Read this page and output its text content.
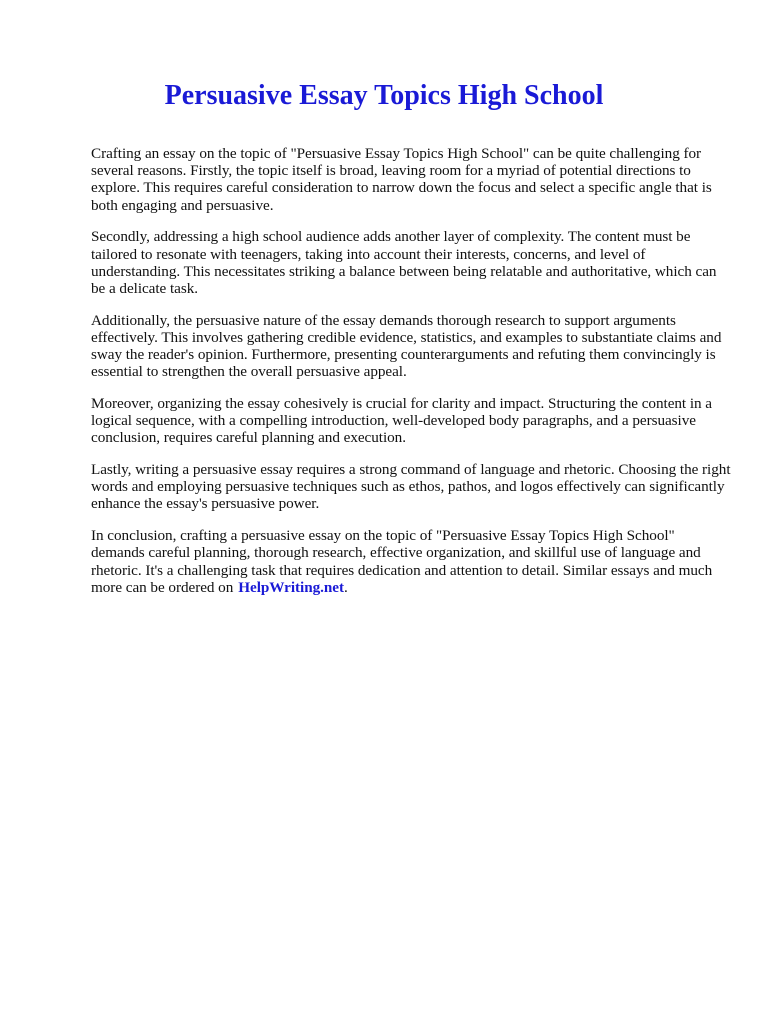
Persuasive Essay Topics High School

Crafting an essay on the topic of "Persuasive Essay Topics High School" can be quite challenging for several reasons. Firstly, the topic itself is broad, leaving room for a myriad of potential directions to explore. This requires careful consideration to narrow down the focus and select a specific angle that is both engaging and persuasive.

Secondly, addressing a high school audience adds another layer of complexity. The content must be tailored to resonate with teenagers, taking into account their interests, concerns, and level of understanding. This necessitates striking a balance between being relatable and authoritative, which can be a delicate task.

Additionally, the persuasive nature of the essay demands thorough research to support arguments effectively. This involves gathering credible evidence, statistics, and examples to substantiate claims and sway the reader's opinion. Furthermore, presenting counterarguments and refuting them convincingly is essential to strengthen the overall persuasive appeal.

Moreover, organizing the essay cohesively is crucial for clarity and impact. Structuring the content in a logical sequence, with a compelling introduction, well-developed body paragraphs, and a persuasive conclusion, requires careful planning and execution.

Lastly, writing a persuasive essay requires a strong command of language and rhetoric. Choosing the right words and employing persuasive techniques such as ethos, pathos, and logos effectively can significantly enhance the essay's persuasive power.

In conclusion, crafting a persuasive essay on the topic of "Persuasive Essay Topics High School" demands careful planning, thorough research, effective organization, and skillful use of language and rhetoric. It's a challenging task that requires dedication and attention to detail. Similar essays and much more can be ordered on HelpWriting.net.
